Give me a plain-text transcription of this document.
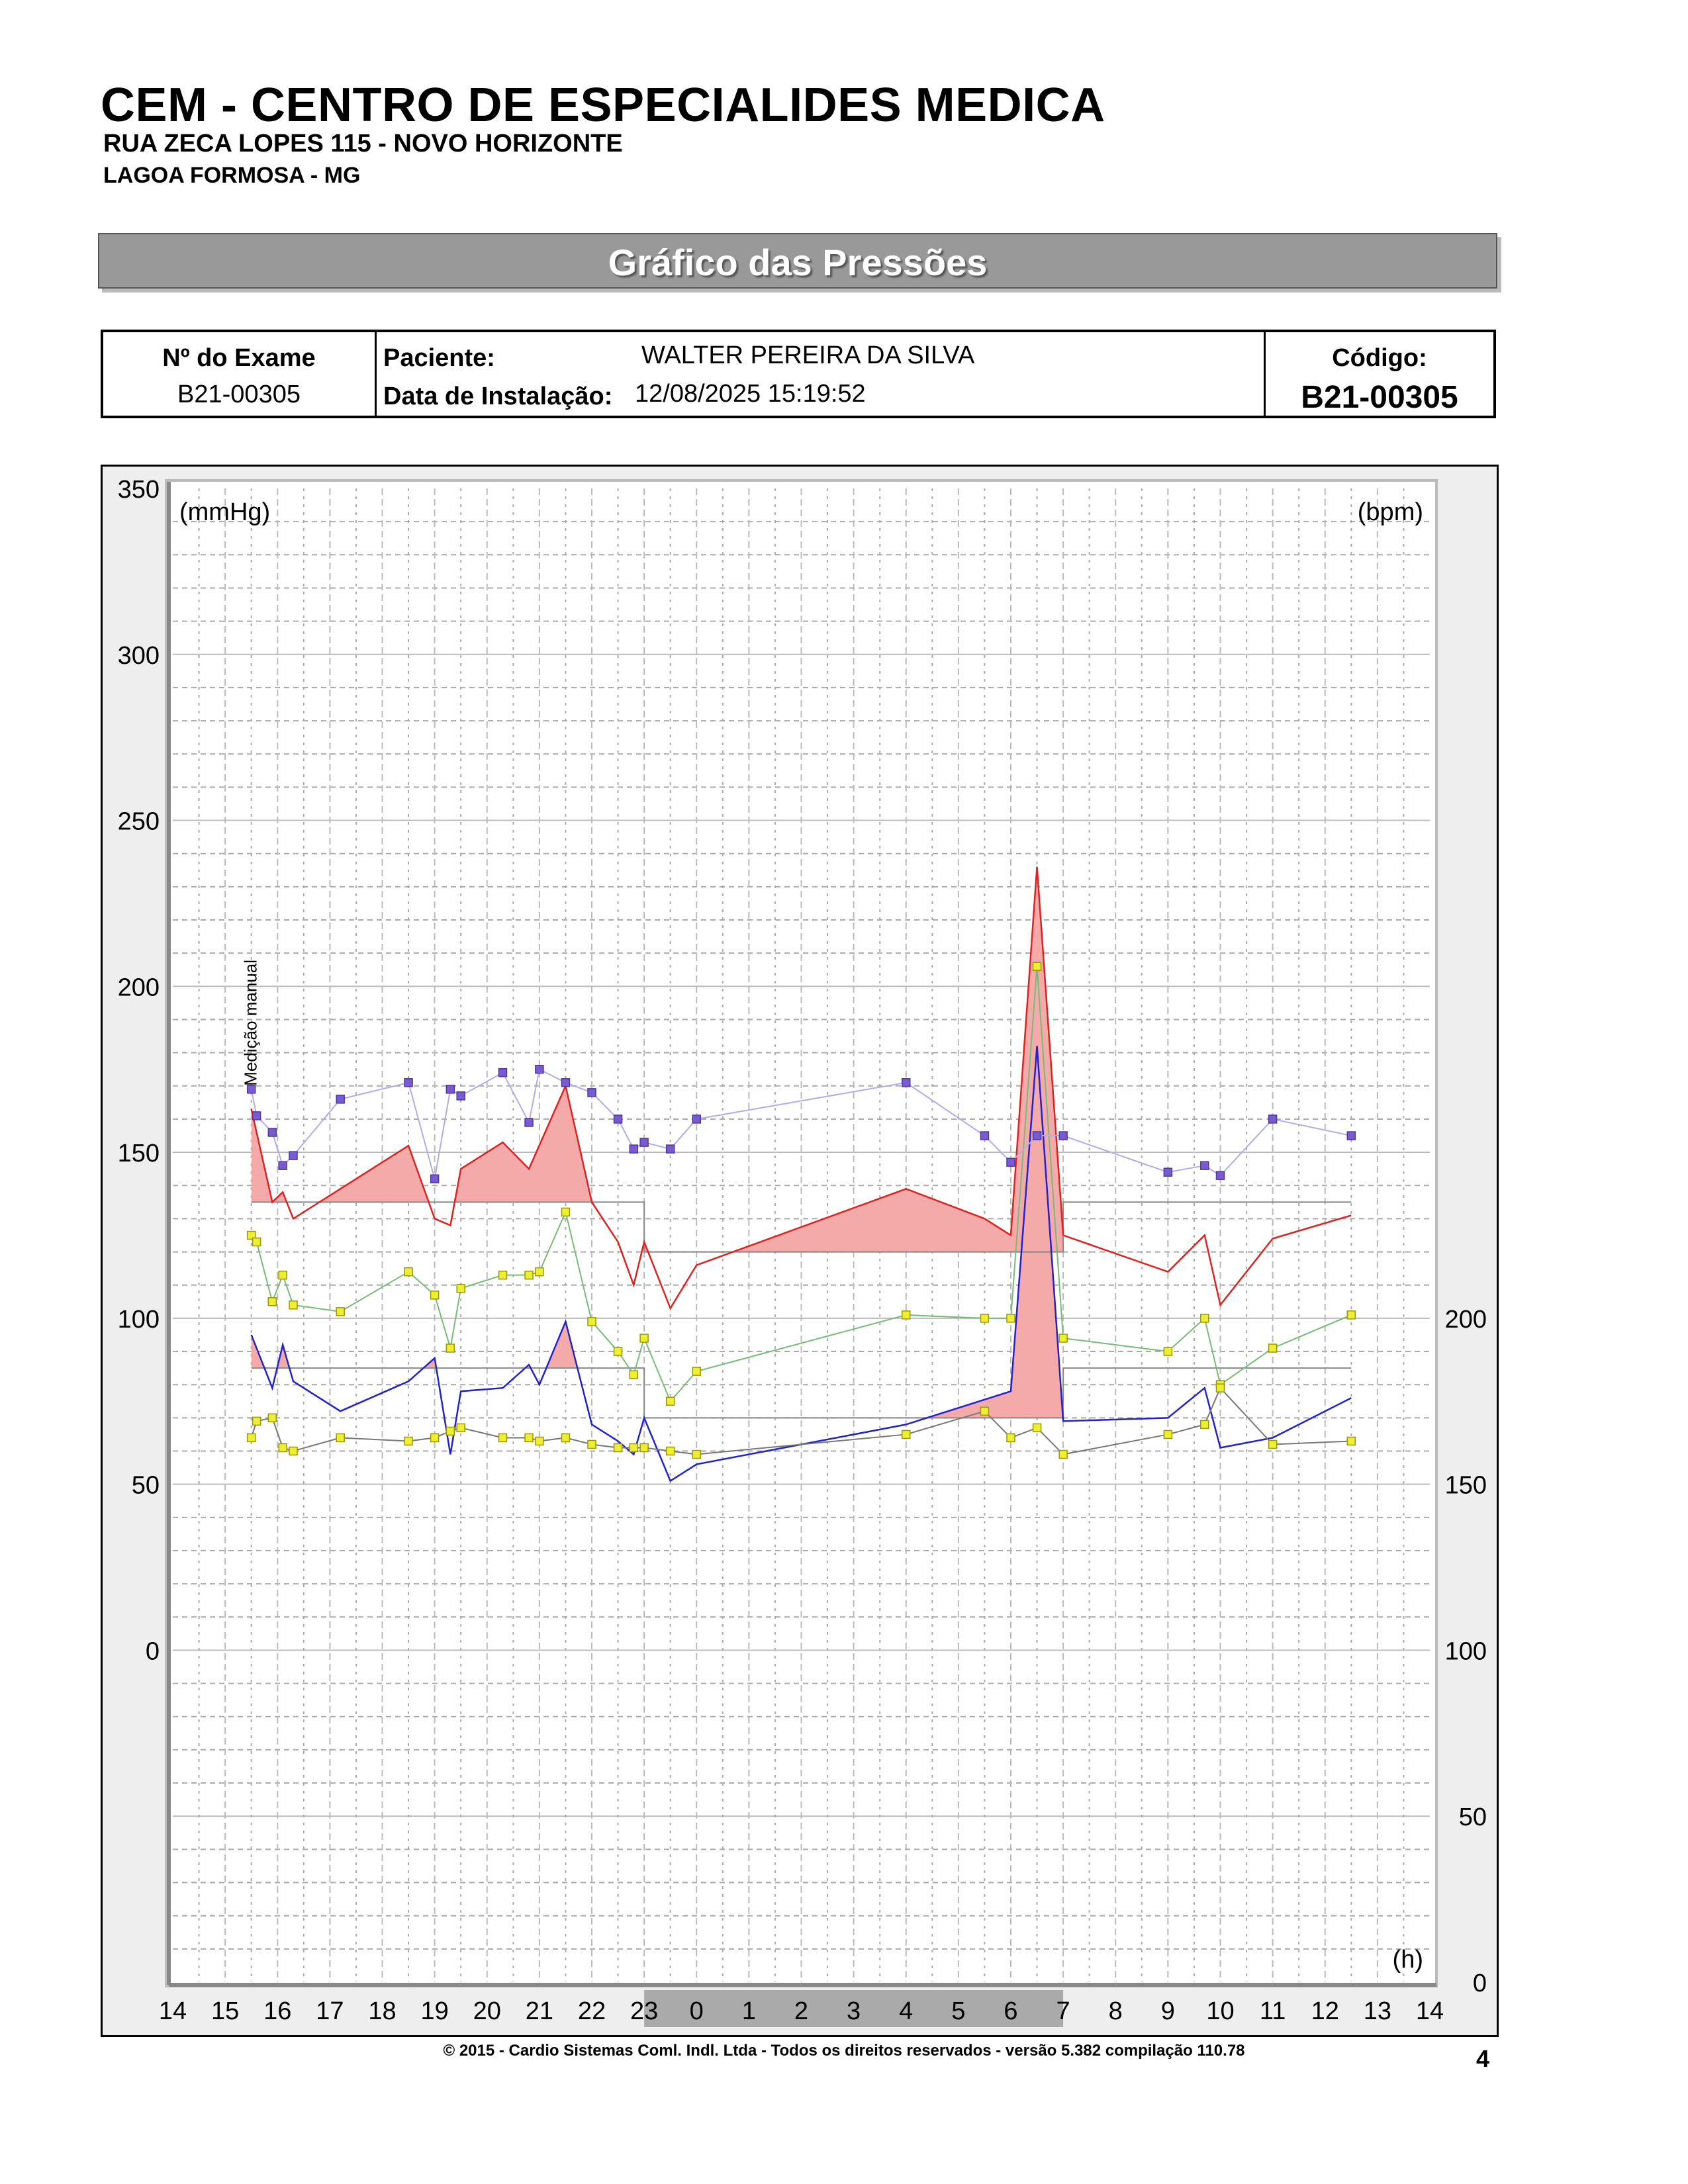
CEM - CENTRO DE ESPECIALIDES MEDICA
RUA ZECA LOPES 115 - NOVO HORIZONTE
LAGOA FORMOSA - MG
Gráfico das Pressões
Nº do Exame
B21-00305

Paciente:	WALTER PEREIRA DA SILVA
Data de Instalação: 12/08/2025 15:19:52

Código:
B21-00305
0
50
100
150
200
250
300
350
0
50
100
150
200
14 15 16 17 18 19 20 21 22 23 0 1 2 3 4 5 6 7 8 9 10 11 12 13 14
(mmHg)	(bpm)
(h)
Medição manual
© 2015 - Cardio Sistemas Coml. Indl. Ltda - Todos os direitos reservados - versão 5.382 compilação 110.78	4
